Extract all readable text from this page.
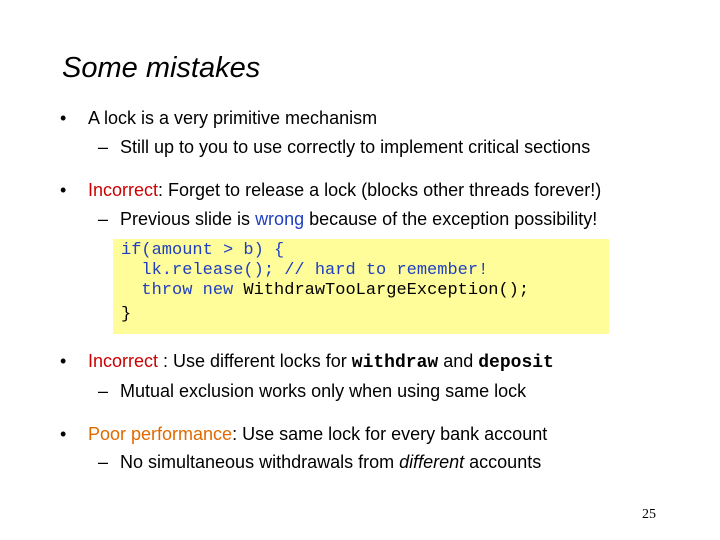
Some mistakes
• A lock is a very primitive mechanism
– Still up to you to use correctly to implement critical sections
• Incorrect: Forget to release a lock (blocks other threads forever!)
– Previous slide is wrong because of the exception possibility!
if(amount > b) {
lk.release(); // hard to remember!
throw new WithdrawTooLargeException();
}
• Incorrect : Use different locks for withdraw and deposit
– Mutual exclusion works only when using same lock
• Poor performance: Use same lock for every bank account
– No simultaneous withdrawals from different accounts
25
